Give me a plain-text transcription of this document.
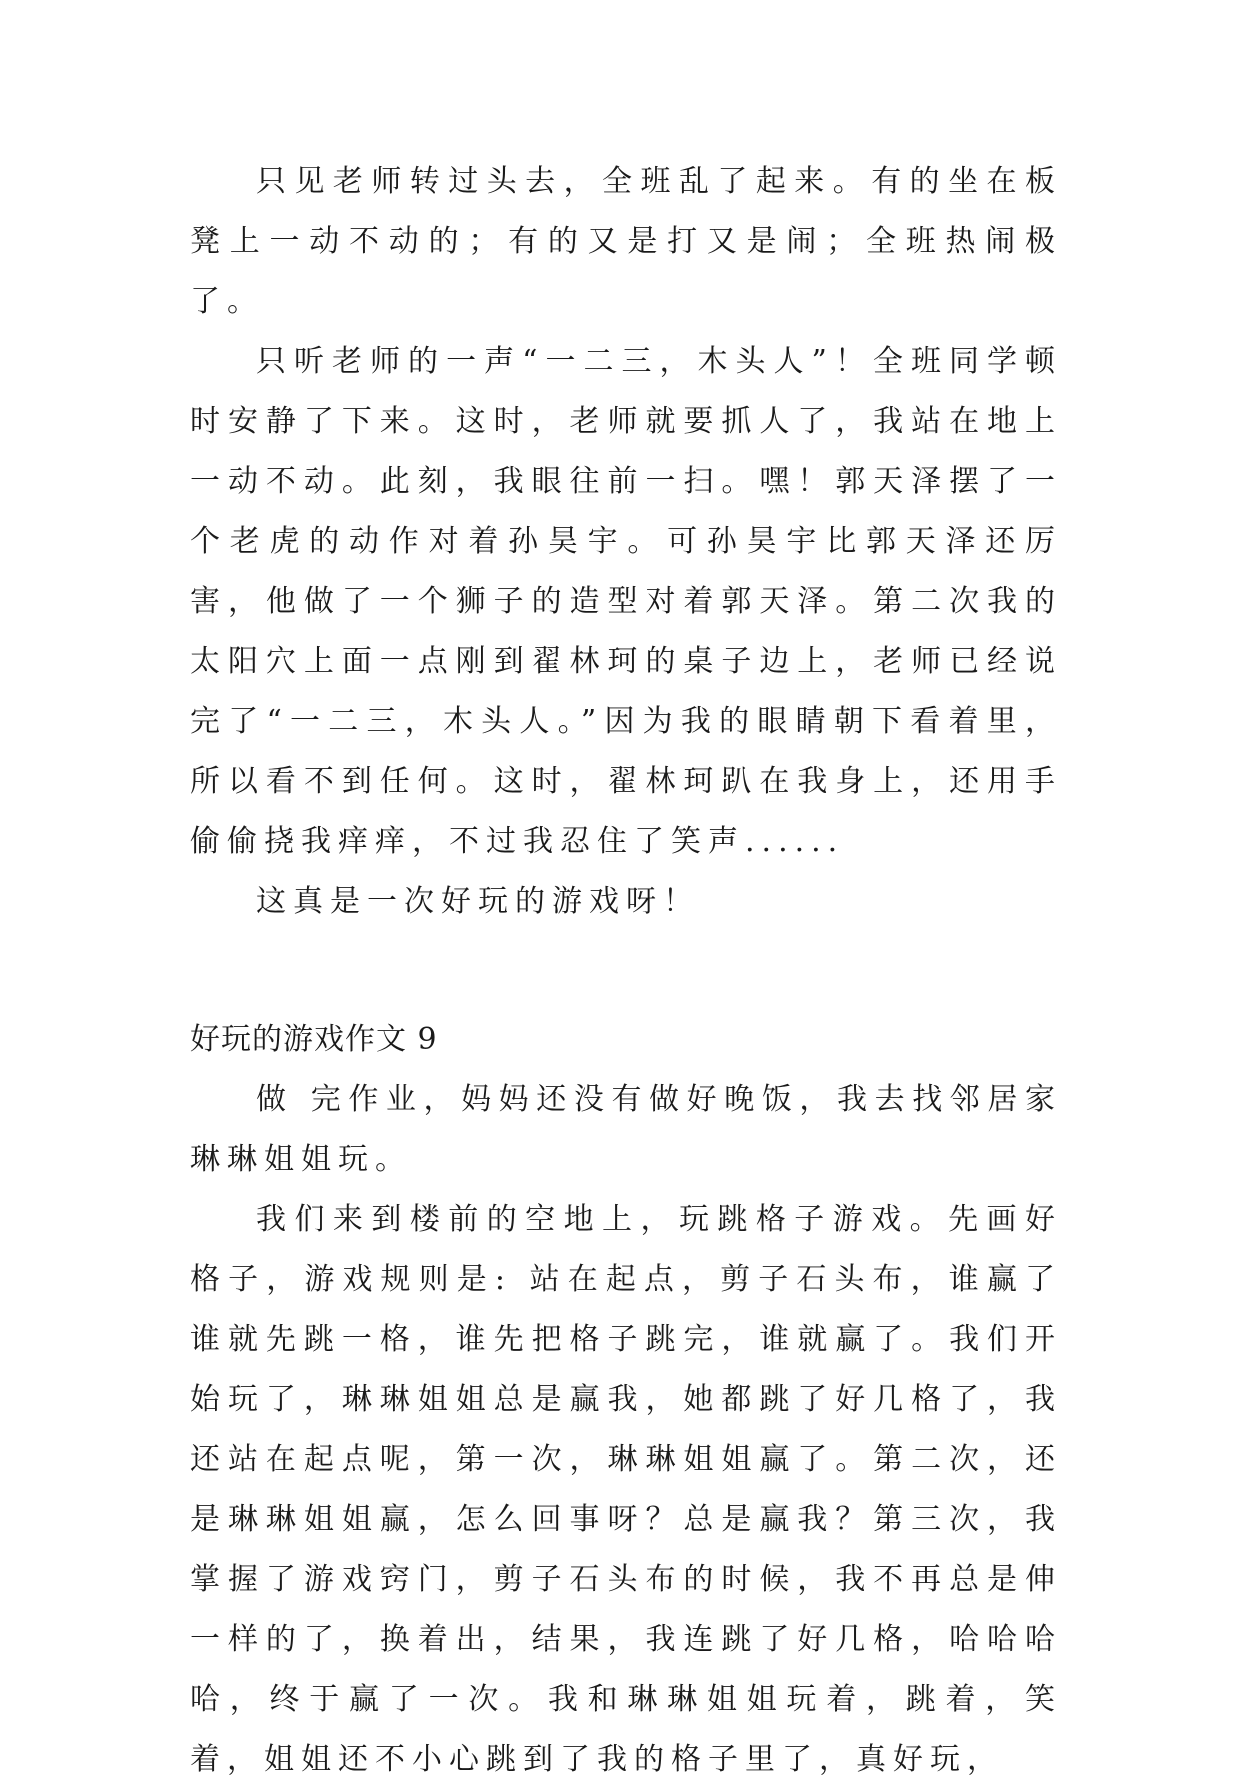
只见老师转过头去，全班乱了起来。有的坐在板凳上一动不动的；有的又是打又是闹；全班热闹极了。

只听老师的一声“一二三，木头人”！全班同学顿时安静了下来。这时，老师就要抓人了，我站在地上一动不动。此刻，我眼往前一扫。嘿！郭天泽摆了一个老虎的动作对着孙昊宇。可孙昊宇比郭天泽还厉害，他做了一个狮子的造型对着郭天泽。第二次我的太阳穴上面一点刚到翟林珂的桌子边上，老师已经说完了“一二三，木头人。”因为我的眼睛朝下看着里，所以看不到任何。这时，翟林珂趴在我身上，还用手偷偷挠我痒痒，不过我忍住了笑声......

这真是一次好玩的游戏呀！

好玩的游戏作文 9

做 完作业，妈妈还没有做好晚饭，我去找邻居家琳琳姐姐玩。

我们来到楼前的空地上，玩跳格子游戏。先画好格子，游戏规则是: 站在起点，剪子石头布，谁赢了谁就先跳一格，谁先把格子跳完，谁就赢了。我们开始玩了，琳琳姐姐总是赢我，她都跳了好几格了，我还站在起点呢，第一次，琳琳姐姐赢了。第二次，还是琳琳姐姐赢，怎么回事呀？总是赢我？第三次，我掌握了游戏窍门，剪子石头布的时候，我不再总是伸一样的了，换着出，结果，我连跳了好几格，哈哈哈哈，终于赢了一次。我和琳琳姐姐玩着，跳着，笑着，姐姐还不小心跳到了我的格子里了，真好玩，
